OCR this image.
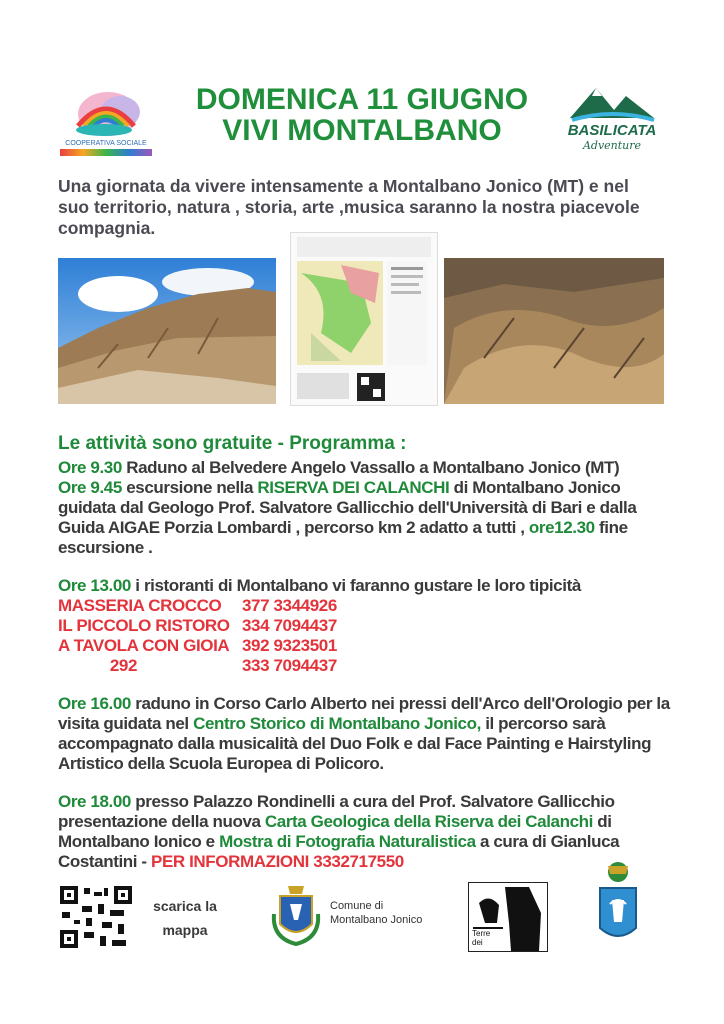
COOPERATIVA SOCIALE
BASILICATA
Adventure
DOMENICA 11 GIUGNO
VIVI MONTALBANO
Una giornata da vivere intensamente a Montalbano Jonico (MT) e nel suo territorio, natura , storia, arte ,musica saranno la nostra piacevole compagnia.
Le attività sono gratuite - Programma :
Ore 9.30 Raduno al Belvedere Angelo Vassallo a Montalbano Jonico (MT)
Ore 9.45 escursione nella RISERVA DEI CALANCHI di Montalbano Jonico guidata dal Geologo Prof. Salvatore Gallicchio dell'Università di Bari e dalla Guida AIGAE Porzia Lombardi , percorso km 2 adatto a tutti , ore12.30 fine escursione .
Ore 13.00 i ristoranti di Montalbano vi faranno gustare le loro tipicità
MASSERIA CROCCO	377 3344926
IL PICCOLO RISTORO 334 7094437
A TAVOLA CON GIOIA 392 9323501
292	333 7094437
Ore 16.00 raduno in Corso Carlo Alberto nei pressi dell'Arco dell'Orologio per la visita guidata nel Centro Storico di Montalbano Jonico, il percorso sarà accompagnato dalla musicalità del Duo Folk e dal Face Painting e Hairstyling Artistico della Scuola Europea di Policoro.
Ore 18.00 presso Palazzo Rondinelli a cura del Prof. Salvatore Gallicchio presentazione della nuova Carta Geologica della Riserva dei Calanchi di Montalbano Ionico e Mostra di Fotografia Naturalistica a cura di Gianluca Costantini - PER INFORMAZIONI 3332717550
scarica la mappa
Comune di
Montalbano Jonico
Terre dei
